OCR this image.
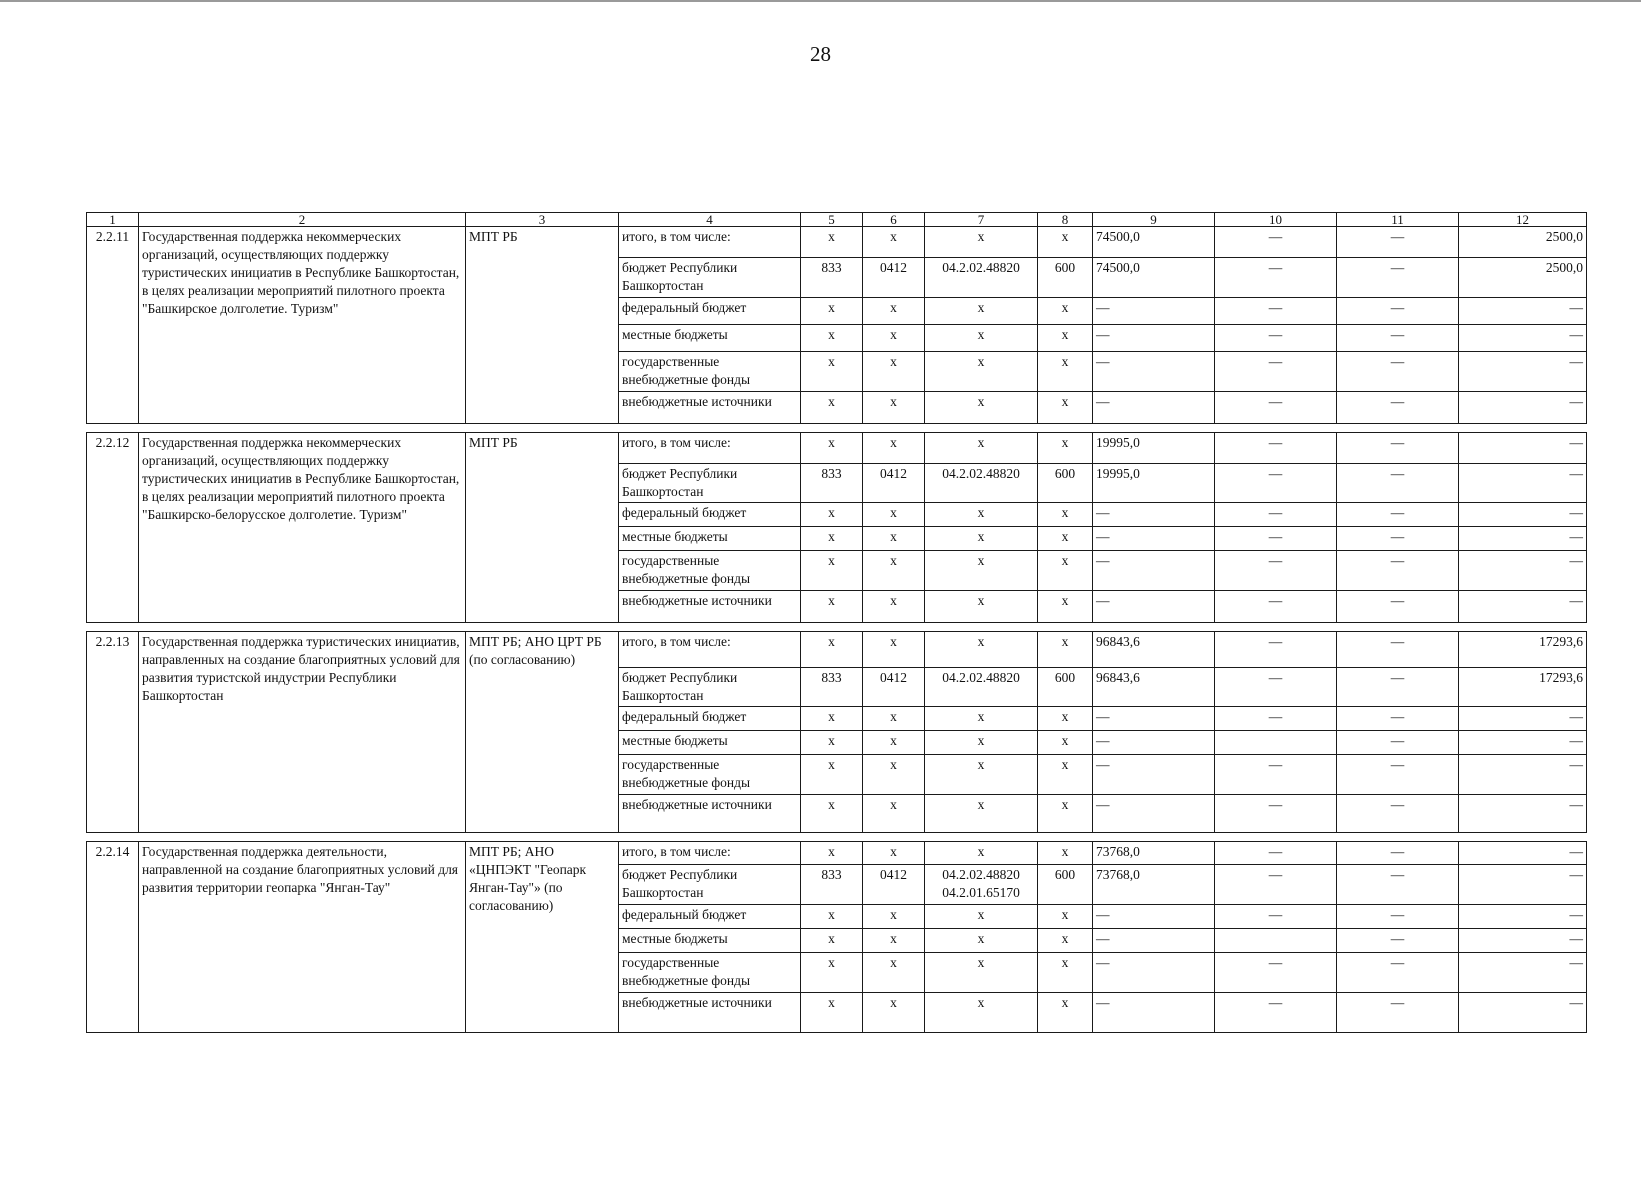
28
1	2	3	4	5	6	7	8	9	10	11	12
2.2.11	Государственная поддержка некоммерческих организаций, осуществляющих поддержку туристических инициатив в Республике Башкортостан, в целях реализации мероприятий пилотного проекта "Башкирское долголетие. Туризм"	МПТ РБ	итого, в том числе:	х	х	х	х	74500,0	—	—	2500,0
			бюджет Республики Башкортостан	833	0412	04.2.02.48820	600	74500,0	—	—	2500,0
			федеральный бюджет	х	х	х	х	—	—	—	—
			местные бюджеты	х	х	х	х	—	—	—	—
			государственные внебюджетные фонды	х	х	х	х	—	—	—	—
			внебюджетные источники	х	х	х	х	—	—	—	—

2.2.12	Государственная поддержка некоммерческих организаций, осуществляющих поддержку туристических инициатив в Республике Башкортостан, в целях реализации мероприятий пилотного проекта "Башкирско-белорусское долголетие. Туризм"	МПТ РБ	итого, в том числе:	х	х	х	х	19995,0	—	—	—
			бюджет Республики Башкортостан	833	0412	04.2.02.48820	600	19995,0	—	—	—
			федеральный бюджет	х	х	х	х	—	—	—	—
			местные бюджеты	х	х	х	х	—	—	—	—
			государственные внебюджетные фонды	х	х	х	х	—	—	—	—
			внебюджетные источники	х	х	х	х	—	—	—	—

2.2.13	Государственная поддержка туристических инициатив, направленных на создание благоприятных условий для развития туристской индустрии Республики Башкортостан	МПТ РБ; АНО ЦРТ РБ (по согласованию)	итого, в том числе:	х	х	х	х	96843,6	—	—	17293,6
			бюджет Республики Башкортостан	833	0412	04.2.02.48820	600	96843,6	—	—	17293,6
			федеральный бюджет	х	х	х	х	—	—	—	—
			местные бюджеты	х	х	х	х	—		—	—
			государственные внебюджетные фонды	х	х	х	х	—	—	—	—
			внебюджетные источники	х	х	х	х	—	—	—	—

2.2.14	Государственная поддержка деятельности, направленной на создание благоприятных условий для развития территории геопарка "Янган-Тау"	МПТ РБ; АНО «ЦНПЭКТ "Геопарк Янган-Тау"» (по согласованию)	итого, в том числе:	х	х	х	х	73768,0	—	—	—
			бюджет Республики Башкортостан	833	0412	04.2.02.48820 04.2.01.65170	600	73768,0	—	—	—
			федеральный бюджет	х	х	х	х	—	—	—	—
			местные бюджеты	х	х	х	х	—		—	—
			государственные внебюджетные фонды	х	х	х	х	—	—	—	—
			внебюджетные источники	х	х	х	х	—	—	—	—
